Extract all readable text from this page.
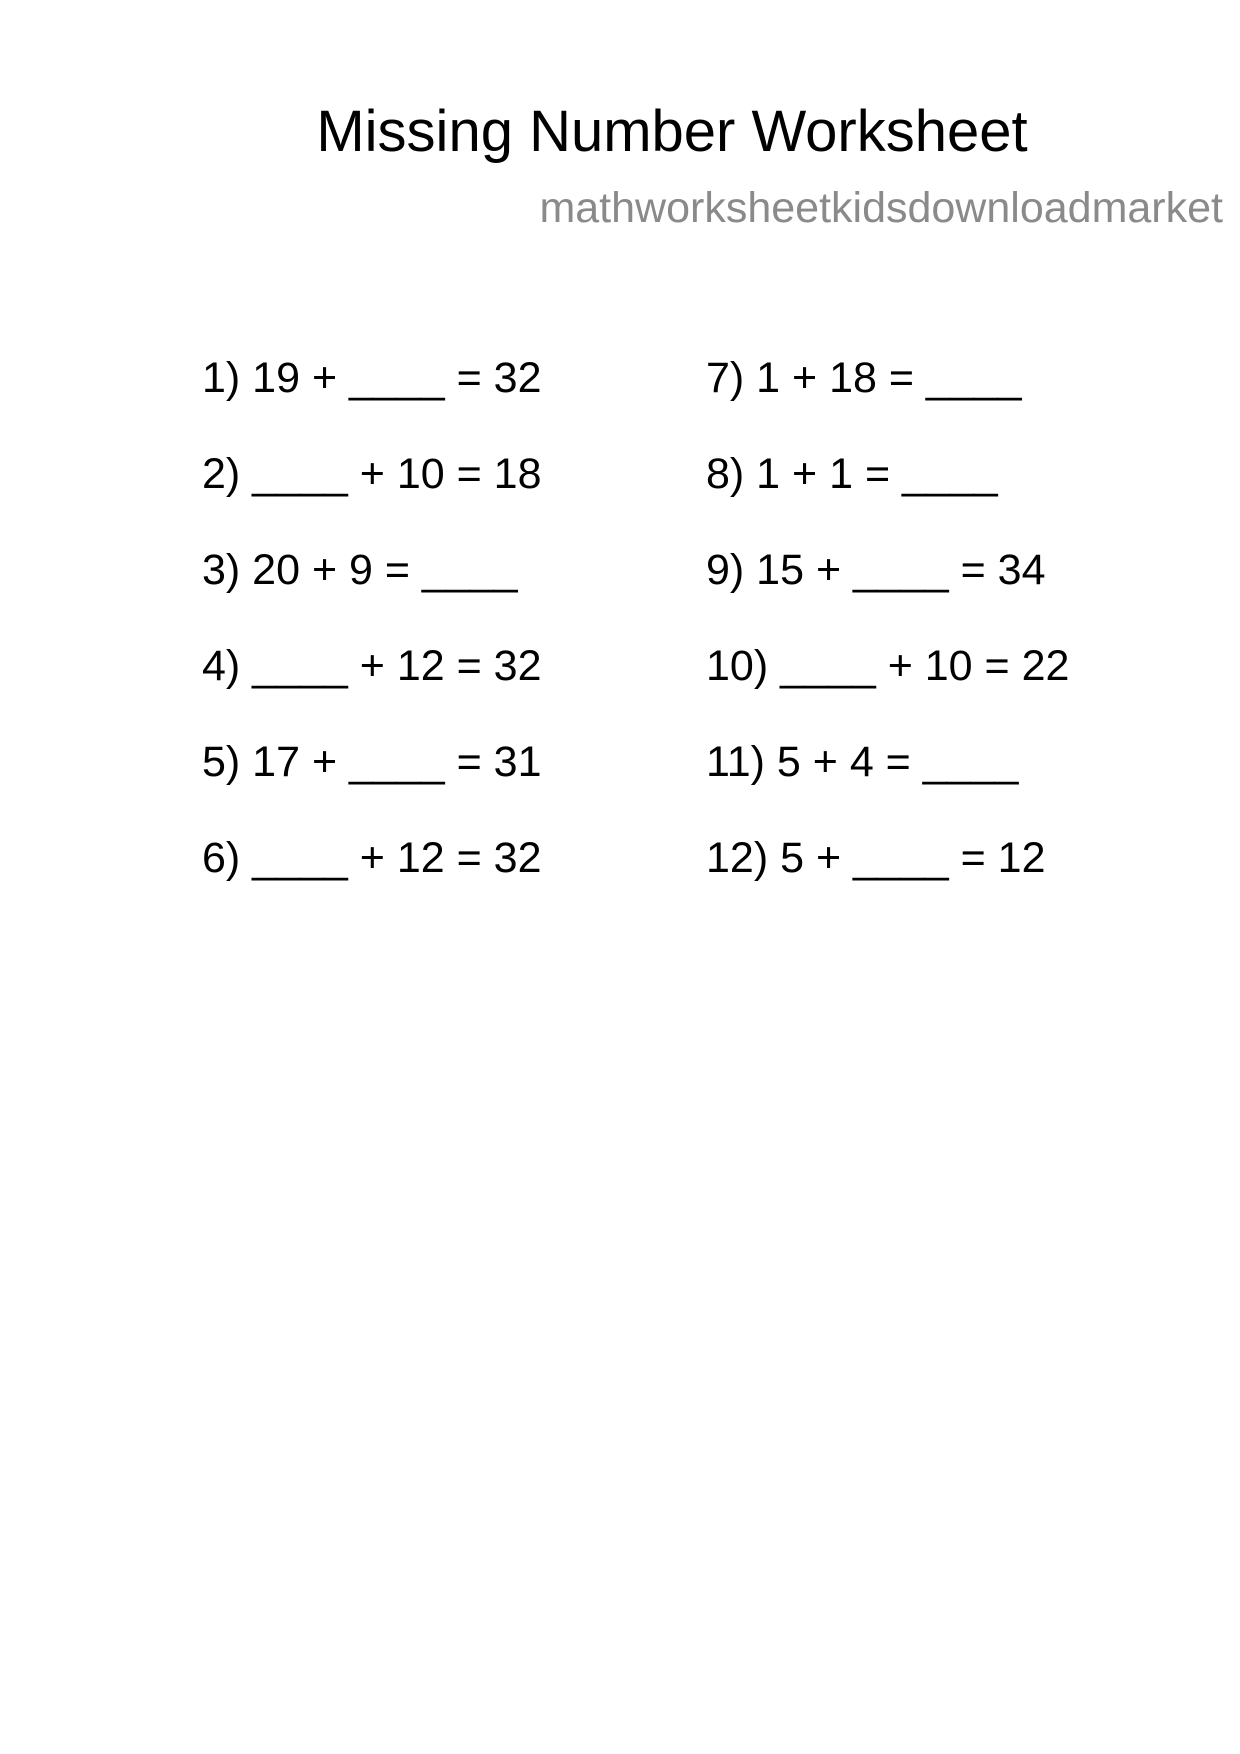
Missing Number Worksheet
mathworksheetkidsdownloadmarket
1) 19 + ____ = 32
2) ____ + 10 = 18
3) 20 + 9 = ____
4) ____ + 12 = 32
5) 17 + ____ = 31
6) ____ + 12 = 32
7) 1 + 18 = ____
8) 1 + 1 = ____
9) 15 + ____ = 34
10) ____ + 10 = 22
11) 5 + 4 = ____
12) 5 + ____ = 12
